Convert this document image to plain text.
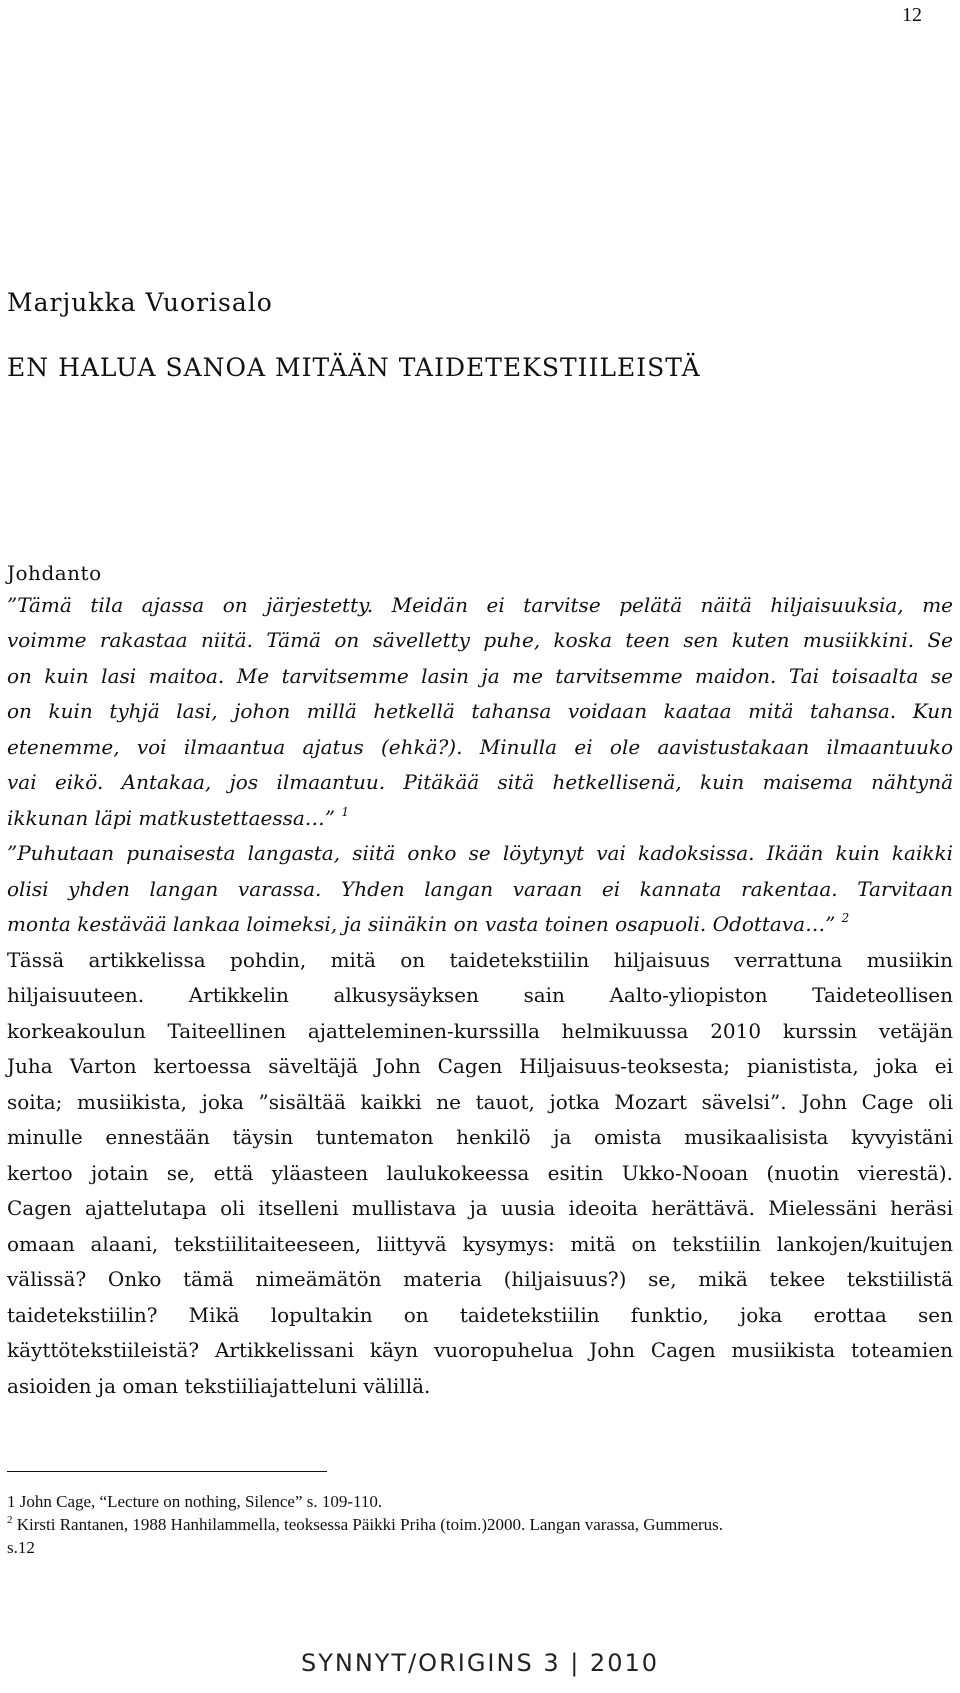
12
Marjukka Vuorisalo
EN HALUA SANOA MITÄÄN TAIDETEKSTIILEISTÄ
Johdanto
”Tämä tila ajassa on järjestetty. Meidän ei tarvitse pelätä näitä hiljaisuuksia, me
voimme rakastaa niitä. Tämä on sävelletty puhe, koska teen sen kuten musiikkini. Se
on kuin lasi maitoa. Me tarvitsemme lasin ja me tarvitsemme maidon. Tai toisaalta se
on kuin tyhjä lasi, johon millä hetkellä tahansa voidaan kaataa mitä tahansa. Kun
etenemme, voi ilmaantua ajatus (ehkä?). Minulla ei ole aavistustakaan ilmaantuuko
vai eikö. Antakaa, jos ilmaantuu. Pitäkää sitä hetkellisenä, kuin maisema nähtynä
ikkunan läpi matkustettaessa…” $^1$
”Puhutaan punaisesta langasta, siitä onko se löytynyt vai kadoksissa. Ikään kuin kaikki
olisi yhden langan varassa. Yhden langan varaan ei kannata rakentaa. Tarvitaan
monta kestävää lankaa loimeksi, ja siinäkin on vasta toinen osapuoli. Odottava…” $^2$
Tässä artikkelissa pohdin, mitä on taidetekstiilin hiljaisuus verrattuna musiikin
hiljaisuuteen. Artikkelin alkusysäyksen sain Aalto-yliopiston Taideteollisen
korkeakoulun Taiteellinen ajatteleminen-kurssilla helmikuussa 2010 kurssin vetäjän
Juha Varton kertoessa säveltäjä John Cagen Hiljaisuus-teoksesta; pianistista, joka ei
soita; musiikista, joka ”sisältää kaikki ne tauot, jotka Mozart sävelsi”. John Cage oli
minulle ennestään täysin tuntematon henkilö ja omista musikaalisista kyvyistäni
kertoo jotain se, että yläasteen laulukokeessa esitin Ukko-Nooan (nuotin vierestä).
Cagen ajattelutapa oli itselleni mullistava ja uusia ideoita herättävä. Mielessäni heräsi
omaan alaani, tekstiilitaiteeseen, liittyvä kysymys: mitä on tekstiilin lankojen/kuitujen
välissä? Onko tämä nimeämätön materia (hiljaisuus?) se, mikä tekee tekstiilistä
taidetekstiilin? Mikä lopultakin on taidetekstiilin funktio, joka erottaa sen
käyttötekstiileistä? Artikkelissani käyn vuoropuhelua John Cagen musiikista toteamien
asioiden ja oman tekstiiliajatteluni välillä.
1 John Cage, “Lecture on nothing, Silence” s. 109-110.
$^2$ Kirsti Rantanen, 1988 Hanhilammella, teoksessa Päikki Priha (toim.)2000. Langan varassa, Gummerus.
s.12
SYNNYT/ORIGINS 3 | 2010
